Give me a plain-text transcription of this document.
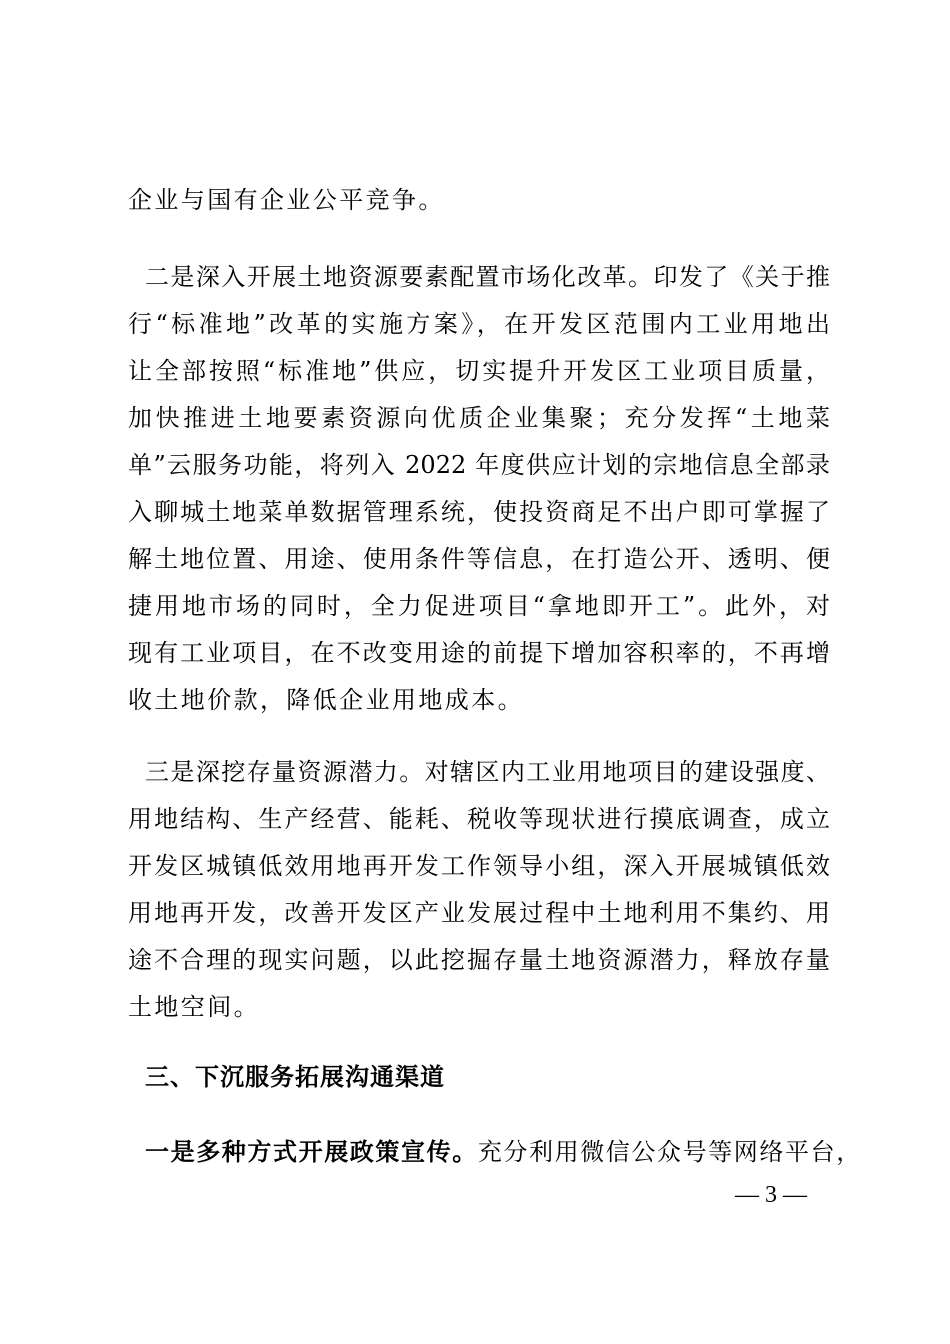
企业与国有企业公平竞争。
二是深入开展土地资源要素配置市场化改革。印发了《关于推
行“标准地”改革的实施方案》，在开发区范围内工业用地出
让全部按照“标准地”供应，切实提升开发区工业项目质量，
加快推进土地要素资源向优质企业集聚；充分发挥“土地菜
单”云服务功能，将列入 2022 年度供应计划的宗地信息全部录
入聊城土地菜单数据管理系统，使投资商足不出户即可掌握了
解土地位置、用途、使用条件等信息，在打造公开、透明、便
捷用地市场的同时，全力促进项目“拿地即开工”。此外，对
现有工业项目，在不改变用途的前提下增加容积率的，不再增
收土地价款，降低企业用地成本。
三是深挖存量资源潜力。对辖区内工业用地项目的建设强度、
用地结构、生产经营、能耗、税收等现状进行摸底调查，成立
开发区城镇低效用地再开发工作领导小组，深入开展城镇低效
用地再开发，改善开发区产业发展过程中土地利用不集约、用
途不合理的现实问题，以此挖掘存量土地资源潜力，释放存量
土地空间。
三、下沉服务拓展沟通渠道
一是多种方式开展政策宣传。充分利用微信公众号等网络平台，
— 3 —
